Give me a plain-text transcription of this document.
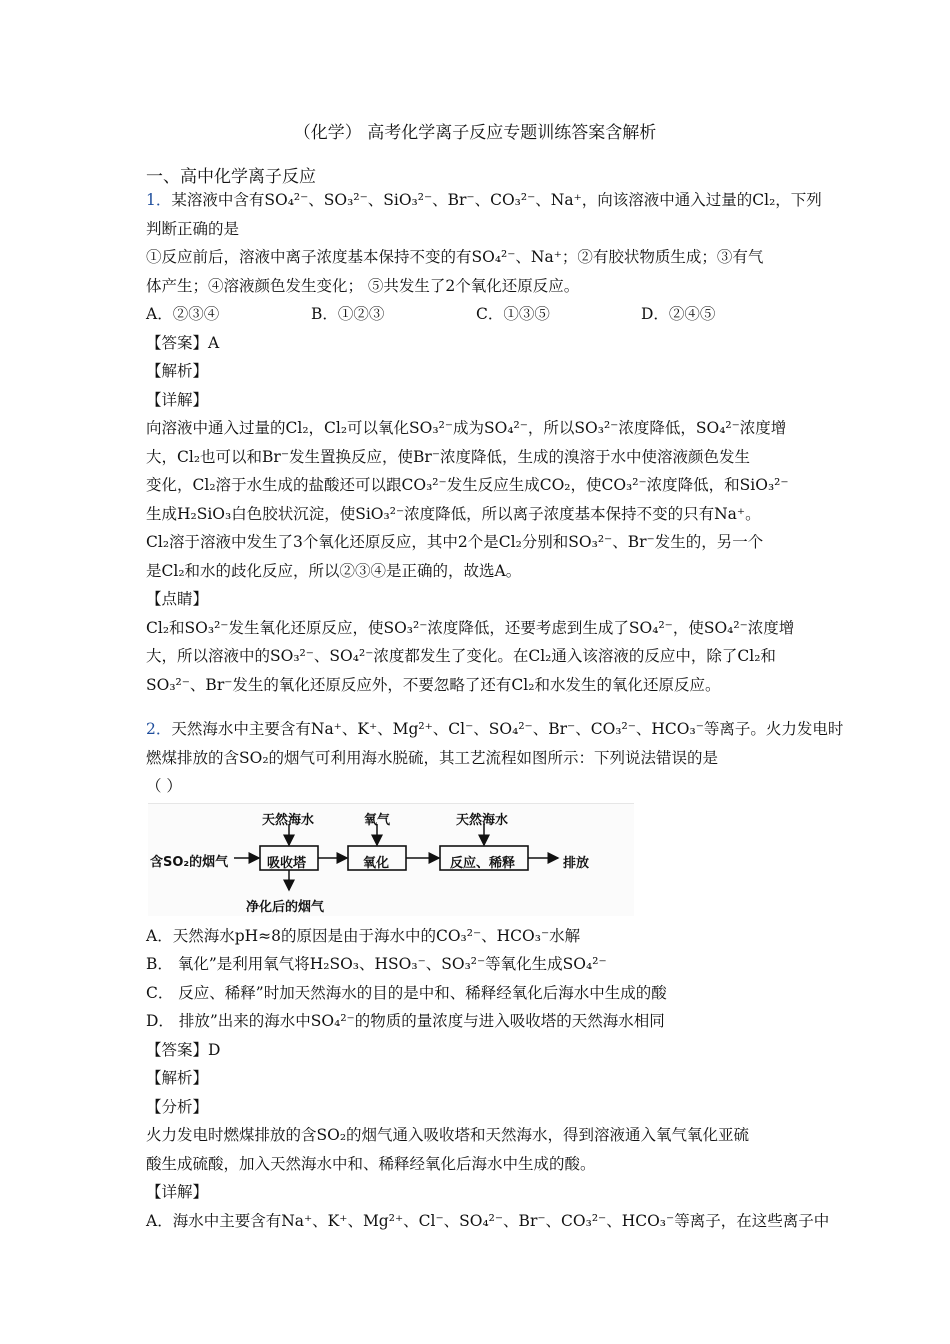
（化学） 高考化学离子反应专题训练答案含解析
一、高中化学离子反应
1．某溶液中含有SO₄²⁻、SO₃²⁻、SiO₃²⁻、Br⁻、CO₃²⁻、Na⁺，向该溶液中通入过量的Cl₂，下列
判断正确的是
①反应前后，溶液中离子浓度基本保持不变的有SO₄²⁻、Na⁺；②有胶状物质生成；③有气
体产生；④溶液颜色发生变化； ⑤共发生了2个氧化还原反应。
A．②③④	B．①②③	C．①③⑤	D．②④⑤
【答案】A
【解析】
【详解】
向溶液中通入过量的Cl₂，Cl₂可以氧化SO₃²⁻成为SO₄²⁻，所以SO₃²⁻浓度降低，SO₄²⁻浓度增
大，Cl₂也可以和Br⁻发生置换反应，使Br⁻浓度降低，生成的溴溶于水中使溶液颜色发生
变化，Cl₂溶于水生成的盐酸还可以跟CO₃²⁻发生反应生成CO₂，使CO₃²⁻浓度降低，和SiO₃²⁻
生成H₂SiO₃白色胶状沉淀，使SiO₃²⁻浓度降低，所以离子浓度基本保持不变的只有Na⁺。
Cl₂溶于溶液中发生了3个氧化还原反应，其中2个是Cl₂分别和SO₃²⁻、Br⁻发生的，另一个
是Cl₂和水的歧化反应，所以②③④是正确的，故选A。
【点睛】
Cl₂和SO₃²⁻发生氧化还原反应，使SO₃²⁻浓度降低，还要考虑到生成了SO₄²⁻，使SO₄²⁻浓度增
大，所以溶液中的SO₃²⁻、SO₄²⁻浓度都发生了变化。在Cl₂通入该溶液的反应中，除了Cl₂和
SO₃²⁻、Br⁻发生的氧化还原反应外，不要忽略了还有Cl₂和水发生的氧化还原反应。
2．天然海水中主要含有Na⁺、K⁺、Mg²⁺、Cl⁻、SO₄²⁻、Br⁻、CO₃²⁻、HCO₃⁻等离子。火力发电时
燃煤排放的含SO₂的烟气可利用海水脱硫，其工艺流程如图所示：下列说法错误的是
（ ）
天然海水	氧气	天然海水
含SO₂的烟气	吸收塔	氧化	反应、稀释	排放
净化后的烟气
A．天然海水pH≈8的原因是由于海水中的CO₃²⁻、HCO₃⁻水解
B． 氧化”是利用氧气将H₂SO₃、HSO₃⁻、SO₃²⁻等氧化生成SO₄²⁻
C． 反应、稀释”时加天然海水的目的是中和、稀释经氧化后海水中生成的酸
D． 排放”出来的海水中SO₄²⁻的物质的量浓度与进入吸收塔的天然海水相同
【答案】D
【解析】
【分析】
火力发电时燃煤排放的含SO₂的烟气通入吸收塔和天然海水，得到溶液通入氧气氧化亚硫
酸生成硫酸，加入天然海水中和、稀释经氧化后海水中生成的酸。
【详解】
A．海水中主要含有Na⁺、K⁺、Mg²⁺、Cl⁻、SO₄²⁻、Br⁻、CO₃²⁻、HCO₃⁻等离子，在这些离子中
